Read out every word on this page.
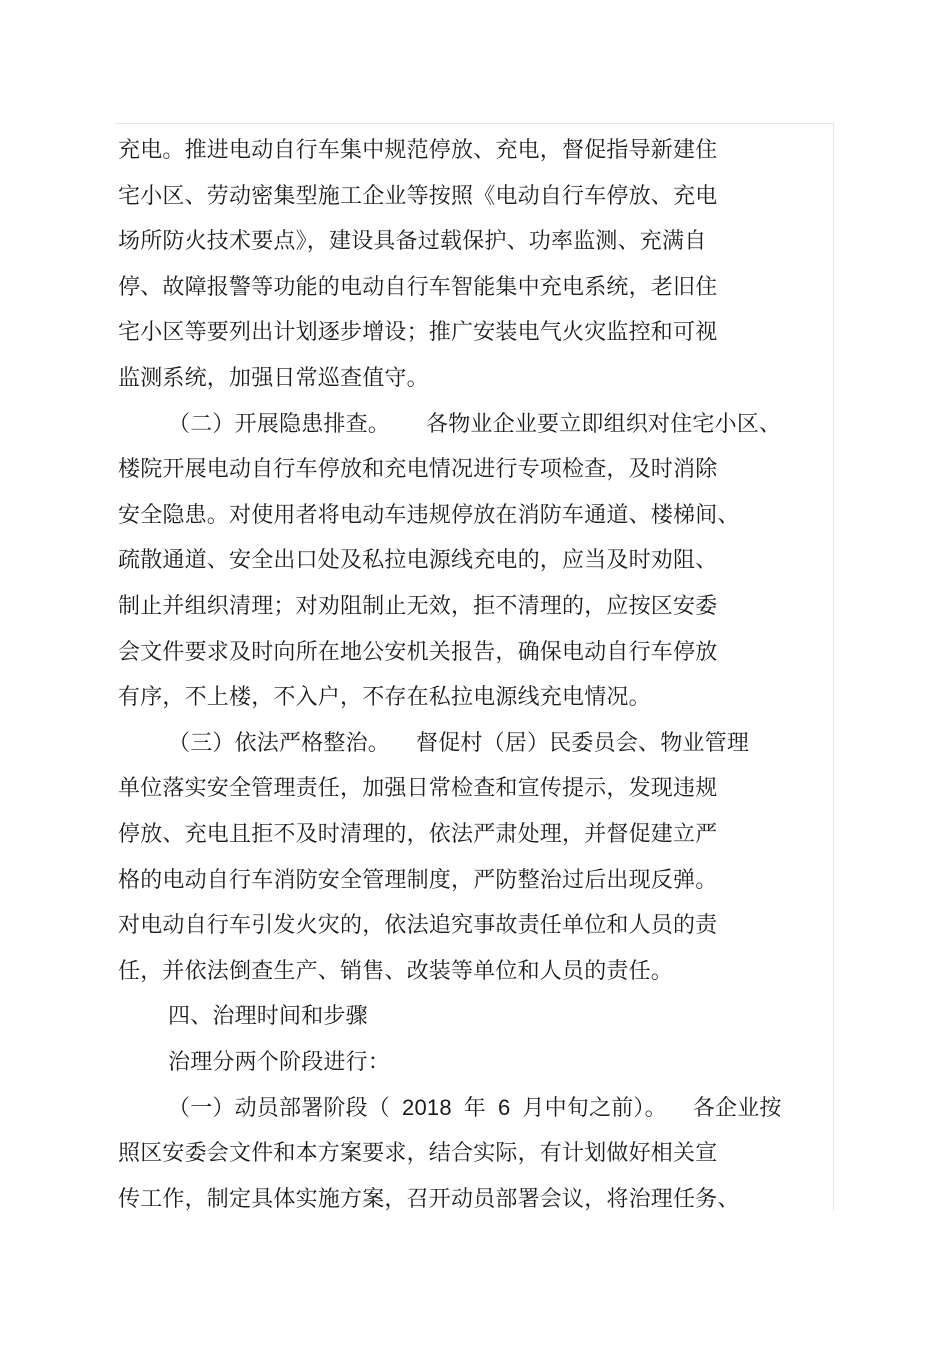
充电。推进电动自行车集中规范停放、充电，督促指导新建住
宅小区、劳动密集型施工企业等按照《电动自行车停放、充电
场所防火技术要点》，建设具备过载保护、功率监测、充满自
停、故障报警等功能的电动自行车智能集中充电系统，老旧住
宅小区等要列出计划逐步增设；推广安装电气火灾监控和可视
监测系统，加强日常巡查值守。
（二）开展隐患排查。 各物业企业要立即组织对住宅小区、
楼院开展电动自行车停放和充电情况进行专项检查，及时消除
安全隐患。对使用者将电动车违规停放在消防车通道、楼梯间、
疏散通道、安全出口处及私拉电源线充电的，应当及时劝阻、
制止并组织清理；对劝阻制止无效，拒不清理的，应按区安委
会文件要求及时向所在地公安机关报告，确保电动自行车停放
有序，不上楼，不入户，不存在私拉电源线充电情况。
（三）依法严格整治。 督促村（居）民委员会、物业管理
单位落实安全管理责任，加强日常检查和宣传提示，发现违规
停放、充电且拒不及时清理的，依法严肃处理，并督促建立严
格的电动自行车消防安全管理制度，严防整治过后出现反弹。
对电动自行车引发火灾的，依法追究事故责任单位和人员的责
任，并依法倒查生产、销售、改装等单位和人员的责任。
四、治理时间和步骤
治理分两个阶段进行：
（一）动员部署阶段（ 2018 年 6 月中旬之前）。 各企业按
照区安委会文件和本方案要求，结合实际，有计划做好相关宣
传工作，制定具体实施方案，召开动员部署会议，将治理任务、
